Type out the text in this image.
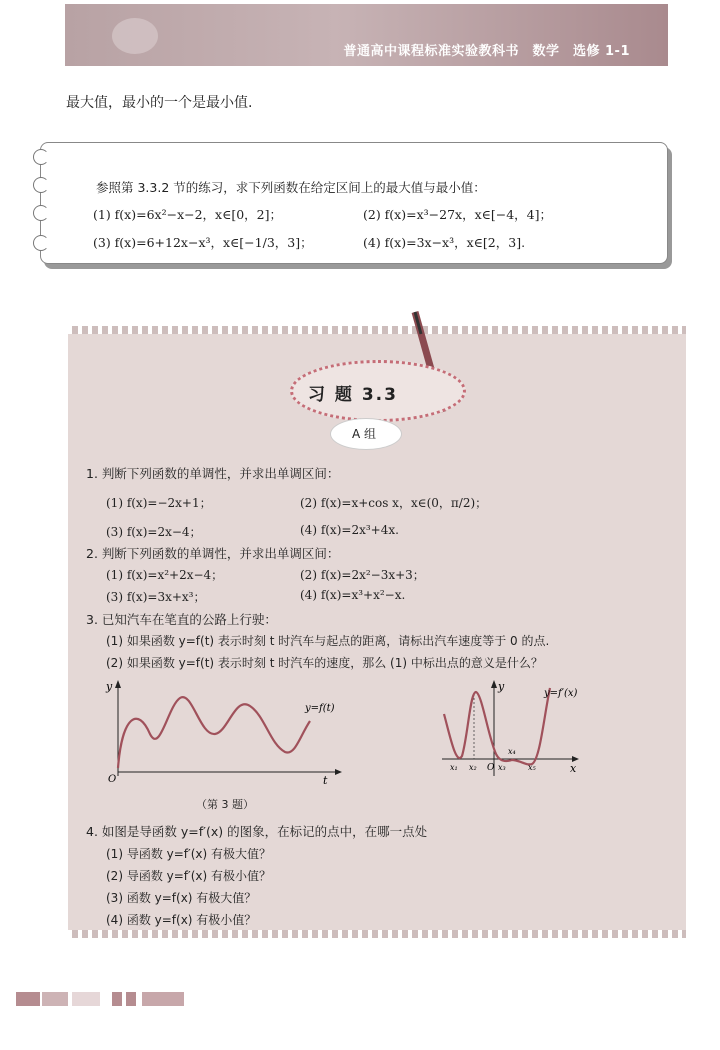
普通高中课程标准实验教科书　数学　选修 1-1
最大值，最小的一个是最小值.
参照第 3.3.2 节的练习，求下列函数在给定区间上的最大值与最小值：
(1) f(x)=6x²−x−2，x∈[0，2]；	(2) f(x)=x³−27x，x∈[−4，4]；
(3) f(x)=6+12x−x³，x∈[−1/3，3]；	(4) f(x)=3x−x³，x∈[2，3].
习 题 3.3
A 组
1. 判断下列函数的单调性，并求出单调区间：
(1) f(x)=−2x+1；	(2) f(x)=x+cos x，x∈(0，π/2)；
(3) f(x)=2x−4；	(4) f(x)=2x³+4x.
2. 判断下列函数的单调性，并求出单调区间：
(1) f(x)=x²+2x−4；	(2) f(x)=2x²−3x+3；
(3) f(x)=3x+x³；	(4) f(x)=x³+x²−x.
3. 已知汽车在笔直的公路上行驶：
(1) 如果函数 y=f(t) 表示时刻 t 时汽车与起点的距离，请标出汽车速度等于 0 的点.
(2) 如果函数 y=f(t) 表示时刻 t 时汽车的速度，那么 (1) 中标出点的意义是什么？
y
t
O
y=f(t)
y
x
O
y=f′(x)
x₁ x₂	x₃
x₄
x₅
（第 3 题）
4. 如图是导函数 y=f′(x) 的图象，在标记的点中，在哪一点处
(1) 导函数 y=f′(x) 有极大值？
(2) 导函数 y=f′(x) 有极小值？
(3) 函数 y=f(x) 有极大值？
(4) 函数 y=f(x) 有极小值？
